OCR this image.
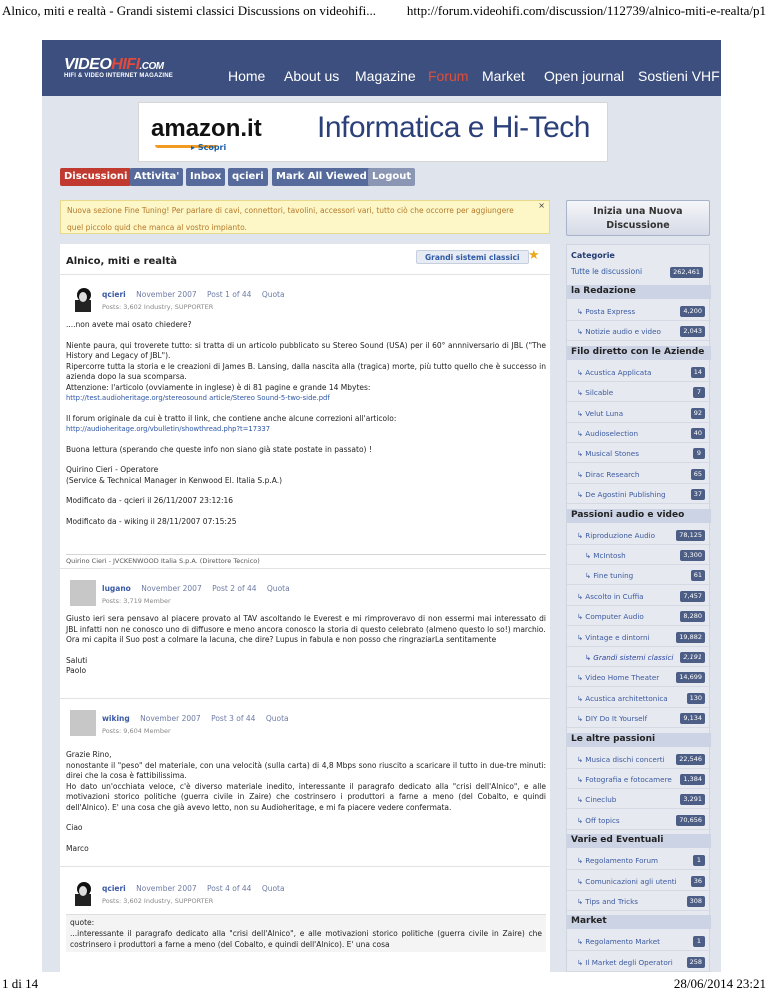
Alnico, miti e realtà - Grandi sistemi classici Discussions on videohifi... http://forum.videohifi.com/discussion/112739/alnico-miti-e-realta/p1
VIDEOHIFI.COM
HIFI & VIDEO INTERNET MAGAZINE	Home About us Magazine Forum Market Open journal Sostieni VHF
amazon.it
▸ Scopri
Informatica e Hi-Tech
Discussioni Attivita'	Inbox	qcieri	Mark All Viewed Logout
Nuova sezione Fine Tuning! Per parlare di cavi, connettori, tavolini, accessori vari, tutto ciò che occorre per aggiungere
quel piccolo quid che manca al vostro impianto.
×
Inizia una Nuova
Discussione
Alnico, miti e realtà	Grandi sistemi classici ★
qcieri November 2007 Post 1 of 44 Quota
Posts: 3,602 Industry, SUPPORTER

....non avete mai osato chiedere?

Niente paura, qui troverete tutto: si tratta di un articolo pubblicato su Stereo Sound (USA) per il 60° annniversario di JBL ("The History and Legacy of JBL").

Ripercorre tutta la storia e le creazioni di James B. Lansing, dalla nascita alla (tragica) morte, più tutto quello che è successo in azienda dopo la sua scomparsa.

Attenzione: l'articolo (ovviamente in inglese) è di 81 pagine e grande 14 Mbytes:

http://test.audioheritage.org/stereosound article/Stereo Sound-5-two-side.pdf

Il forum originale da cui è tratto il link, che contiene anche alcune correzioni all'articolo:

http://audioheritage.org/vbulletin/showthread.php?t=17337

Buona lettura (sperando che queste info non siano già state postate in passato) !

Quirino Cieri - Operatore

(Service & Technical Manager in Kenwood El. Italia S.p.A.)

Modificato da - qcieri il 26/11/2007 23:12:16

Modificato da - wiking il 28/11/2007 07:15:25

Quirino Cieri - JVCKENWOOD Italia S.p.A. (Direttore Tecnico)
lugano November 2007 Post 2 of 44 Quota
Posts: 3,719 Member

Giusto ieri sera pensavo al piacere provato al TAV ascoltando le Everest e mi rimproveravo di non essermi mai interessato di JBL infatti non ne conosco uno di diffusore e meno ancora conosco la storia di questo celebrato (almeno questo lo so!) marchio.

Ora mi capita il Suo post a colmare la lacuna, che dire? Lupus in fabula e non posso che ringraziarLa sentitamente

Saluti

Paolo

wiking November 2007 Post 3 of 44 Quota
Posts: 9,604 Member

Grazie Rino,

nonostante il "peso" del materiale, con una velocità (sulla carta) di 4,8 Mbps sono riuscito a scaricare il tutto in due-tre minuti: direi che la cosa è fattibilissima.

Ho dato un'occhiata veloce, c'è diverso materiale inedito, interessante il paragrafo dedicato alla "crisi dell'Alnico", e alle motivazioni storico politiche (guerra civile in Zaire) che costrinsero i produttori a farne a meno (del Cobalto, e quindi dell'Alnico). E' una cosa che già avevo letto, non su Audioheritage, e mi fa piacere vedere confermata.

Ciao

Marco

qcieri November 2007 Post 4 of 44 Quota
Posts: 3,602 Industry, SUPPORTER
quote:
...interessante il paragrafo dedicato alla "crisi dell'Alnico", e alle motivazioni storico politiche (guerra civile in Zaire) che costrinsero i produttori a farne a meno (del Cobalto, e quindi dell'Alnico). E' una cosa
Categorie
Tutte le discussioni	262,461
la Redazione
↳ Posta Express	4,200
↳ Notizie audio e video	2,043
Filo diretto con le Aziende
↳ Acustica Applicata	14
↳ Silcable	7
↳ Velut Luna	92
↳ Audioselection	40
↳ Musical Stones	9
↳ Dirac Research	65
↳ De Agostini Publishing	37
Passioni audio e video
↳ Riproduzione Audio	78,125
↳ McIntosh	3,300
↳ Fine tuning	61
↳ Ascolto in Cuffia	7,457
↳ Computer Audio	8,280
↳ Vintage e dintorni	19,882
↳ Grandi sistemi classici	2,191
↳ Video Home Theater	14,699
↳ Acustica architettonica	130
↳ DIY Do It Yourself	9,134
Le altre passioni
↳ Musica dischi concerti	22,546
↳ Fotografia e fotocamere	1,384
↳ Cineclub	3,291
↳ Off topics	70,656
Varie ed Eventuali
↳ Regolamento Forum	1
↳ Comunicazioni agli utenti	36
↳ Tips and Tricks	308
Market
↳ Regolamento Market	1
↳ Il Market degli Operatori	258
1 di 14	28/06/2014 23:21
